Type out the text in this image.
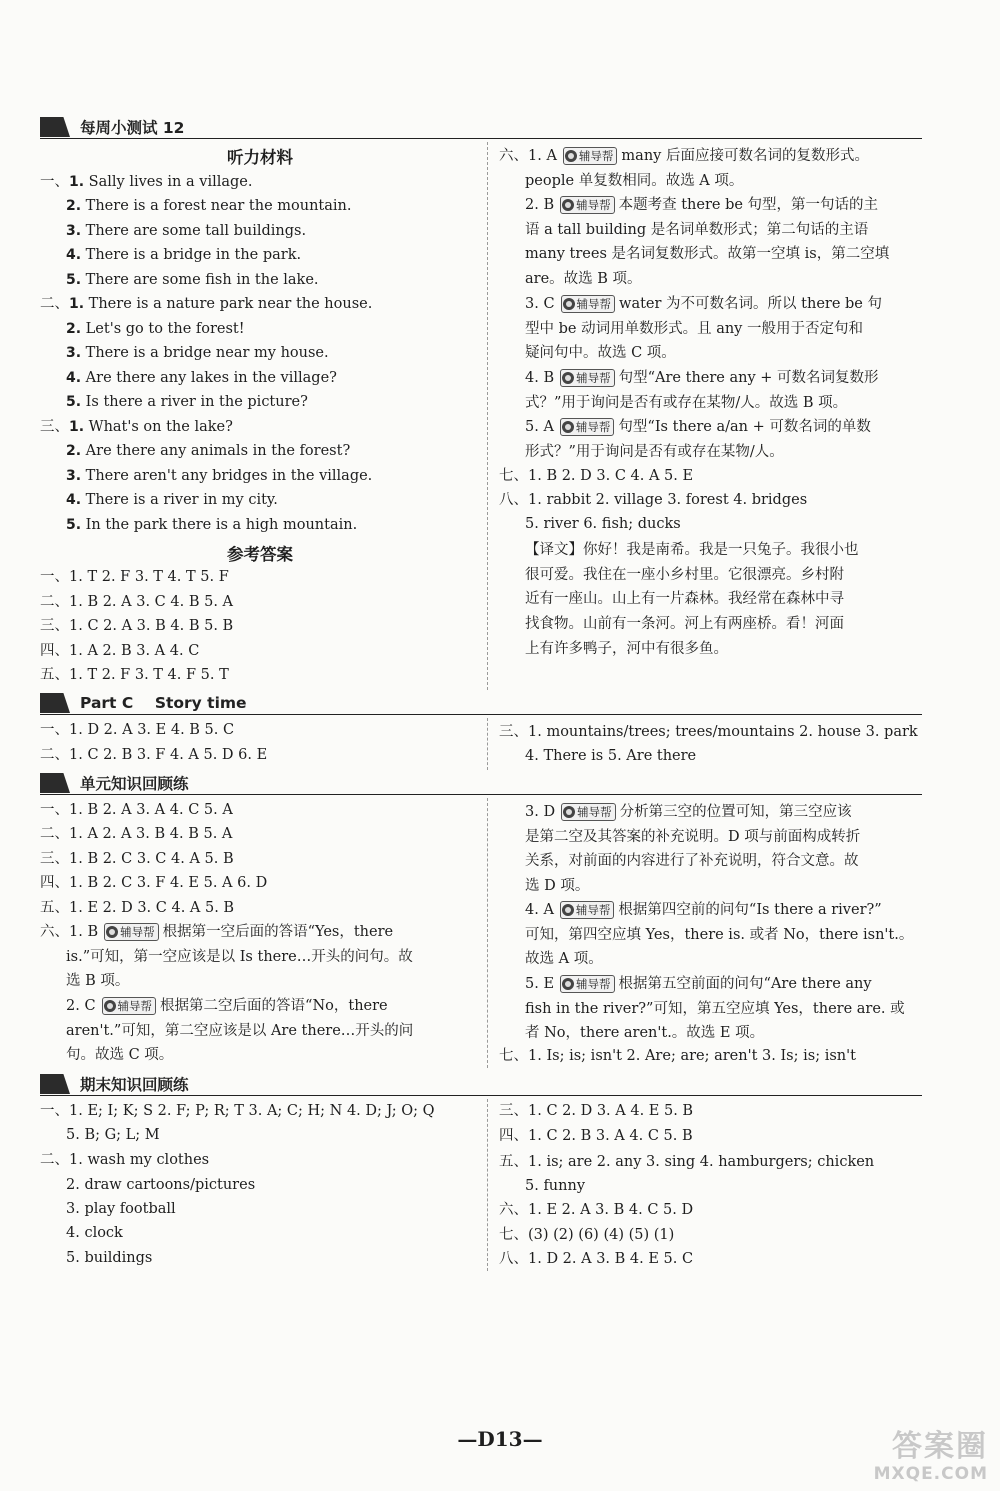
每周小测试 12
听力材料
一、1. Sally lives in a village.
2. There is a forest near the mountain.
3. There are some tall buildings.
4. There is a bridge in the park.
5. There are some fish in the lake.
二、1. There is a nature park near the house.
2. Let's go to the forest!
3. There is a bridge near my house.
4. Are there any lakes in the village?
5. Is there a river in the picture?
三、1. What's on the lake?
2. Are there any animals in the forest?
3. There aren't any bridges in the village.
4. There is a river in my city.
5. In the park there is a high mountain.
参考答案
一、1. T 2. F 3. T 4. T 5. F
二、1. B 2. A 3. C 4. B 5. A
三、1. C 2. A 3. B 4. B 5. B
四、1. A 2. B 3. A 4. C
五、1. T 2. F 3. T 4. F 5. T
六、1. A 辅导帮 many 后面应接可数名词的复数形式。
people 单复数相同。故选 A 项。
2. B 辅导帮 本题考查 there be 句型，第一句话的主
语 a tall building 是名词单数形式；第二句话的主语
many trees 是名词复数形式。故第一空填 is，第二空填
are。故选 B 项。
3. C 辅导帮 water 为不可数名词。所以 there be 句
型中 be 动词用单数形式。且 any 一般用于否定句和
疑问句中。故选 C 项。
4. B 辅导帮 句型“Are there any + 可数名词复数形
式？”用于询问是否有或存在某物/人。故选 B 项。
5. A 辅导帮 句型“Is there a/an + 可数名词的单数
形式？”用于询问是否有或存在某物/人。
七、1. B 2. D 3. C 4. A 5. E
八、1. rabbit 2. village 3. forest 4. bridges
5. river 6. fish; ducks
【译文】你好！我是南希。我是一只兔子。我很小也
很可爱。我住在一座小乡村里。它很漂亮。乡村附
近有一座山。山上有一片森林。我经常在森林中寻
找食物。山前有一条河。河上有两座桥。看！河面
上有许多鸭子，河中有很多鱼。
Part C    Story time
一、1. D 2. A 3. E 4. B 5. C
二、1. C 2. B 3. F 4. A 5. D 6. E
三、1. mountains/trees; trees/mountains 2. house 3. park
4. There is 5. Are there
单元知识回顾练
一、1. B 2. A 3. A 4. C 5. A
二、1. A 2. A 3. B 4. B 5. A
三、1. B 2. C 3. C 4. A 5. B
四、1. B 2. C 3. F 4. E 5. A 6. D
五、1. E 2. D 3. C 4. A 5. B
六、1. B 辅导帮 根据第一空后面的答语“Yes，there
is.”可知，第一空应该是以 Is there…开头的问句。故
选 B 项。
2. C 辅导帮 根据第二空后面的答语“No，there
aren't.”可知，第二空应该是以 Are there…开头的问
句。故选 C 项。
3. D 辅导帮 分析第三空的位置可知，第三空应该
是第二空及其答案的补充说明。D 项与前面构成转折
关系，对前面的内容进行了补充说明，符合文意。故
选 D 项。
4. A 辅导帮 根据第四空前的问句“Is there a river?”
可知，第四空应填 Yes，there is. 或者 No，there isn't.。
故选 A 项。
5. E 辅导帮 根据第五空前面的问句“Are there any
fish in the river?”可知，第五空应填 Yes，there are. 或
者 No，there aren't.。故选 E 项。
七、1. Is; is; isn't 2. Are; are; aren't 3. Is; is; isn't
期末知识回顾练
一、1. E; I; K; S 2. F; P; R; T 3. A; C; H; N 4. D; J; O; Q
5. B; G; L; M
二、1. wash my clothes
2. draw cartoons/pictures
3. play football
4. clock
5. buildings
三、1. C 2. D 3. A 4. E 5. B
四、1. C 2. B 3. A 4. C 5. B
五、1. is; are 2. any 3. sing 4. hamburgers; chicken
5. funny
六、1. E 2. A 3. B 4. C 5. D
七、(3) (2) (6) (4) (5) (1)
八、1. D 2. A 3. B 4. E 5. C
—D13—	答案圈
MXQE.COM
